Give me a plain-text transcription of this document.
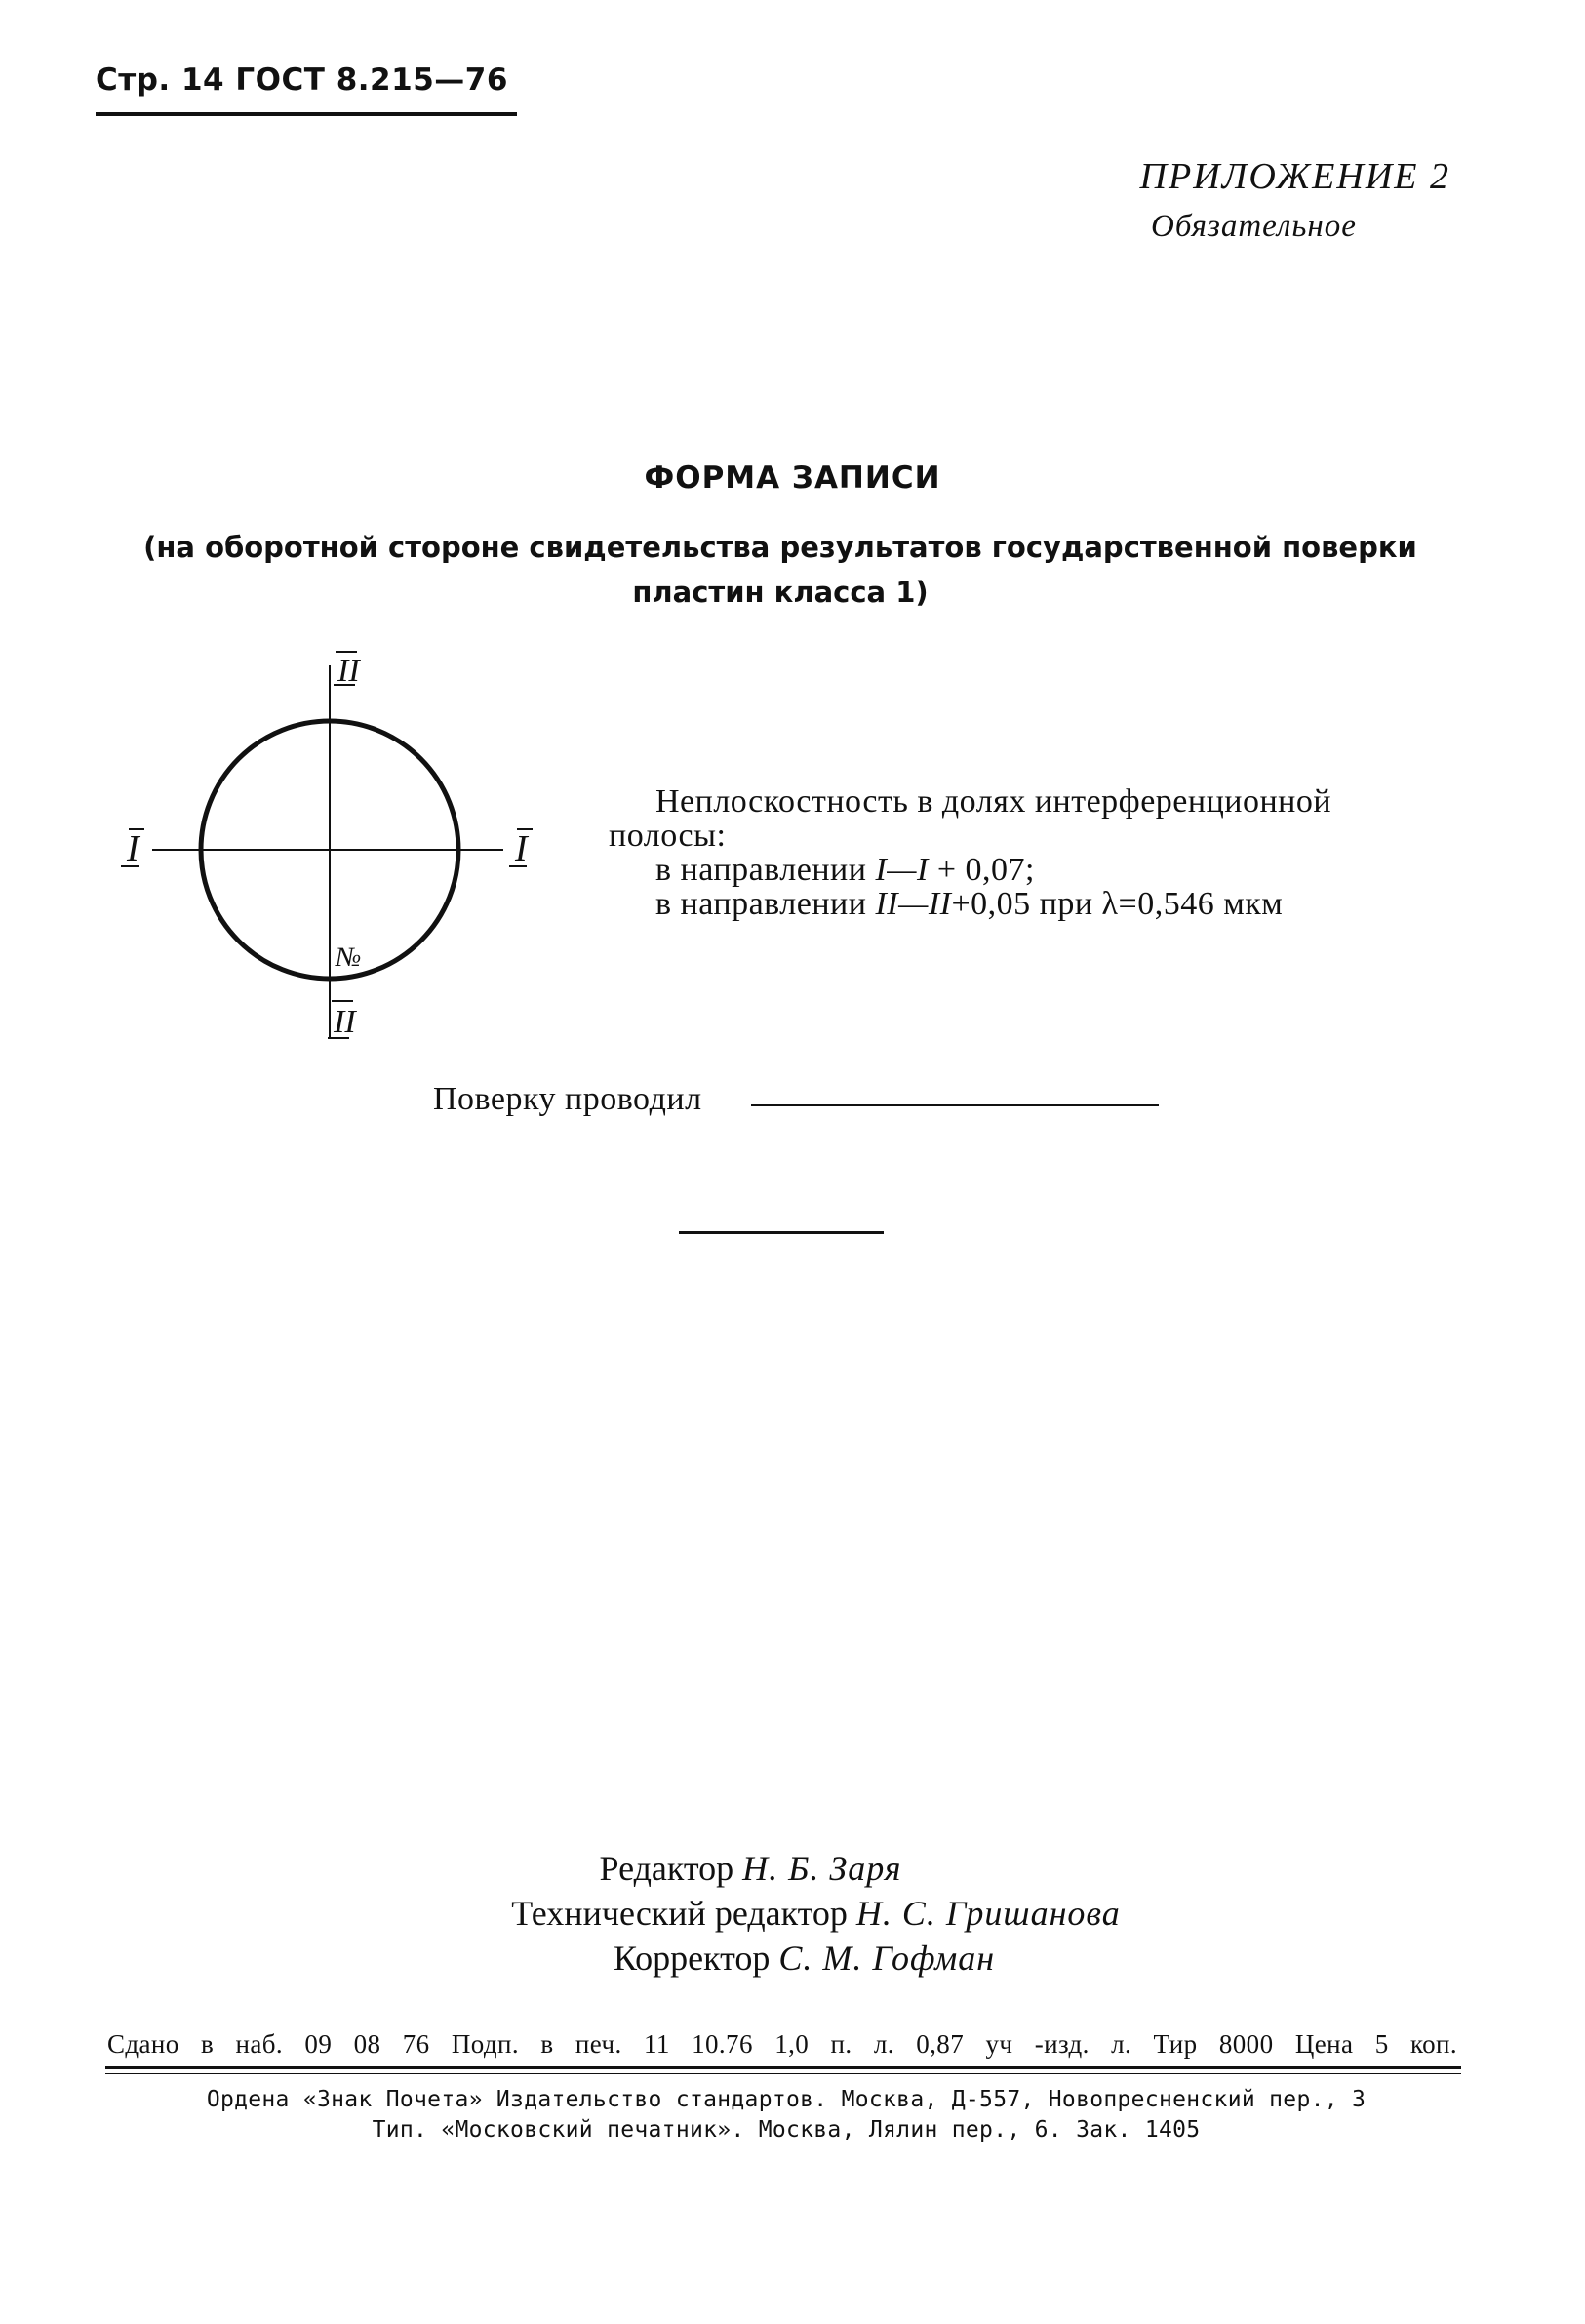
Стр. 14 ГОСТ 8.215—76
ПРИЛОЖЕНИЕ 2
Обязательное
ФОРМА ЗАПИСИ
(на оборотной стороне свидетельства результатов государственной поверки
пластин класса 1)
II
II
I	I
№
Неплоскостность в долях интерференционной
полосы:
в направлении I—I + 0,07;
в направлении II—II+0,05 при λ=0,546 мкм
Поверку проводил
Редактор Н. Б. Заря
Технический редактор Н. С. Гришанова
Корректор С. М. Гофман
Сдано в наб. 09 08 76 Подп. в печ. 11 10.76 1,0 п. л. 0,87 уч -изд. л. Тир 8000 Цена 5 коп.
Ордена «Знак Почета» Издательство стандартов. Москва, Д-557, Новопресненский пер., 3
Тип. «Московский печатник». Москва, Лялин пер., 6. Зак. 1405
